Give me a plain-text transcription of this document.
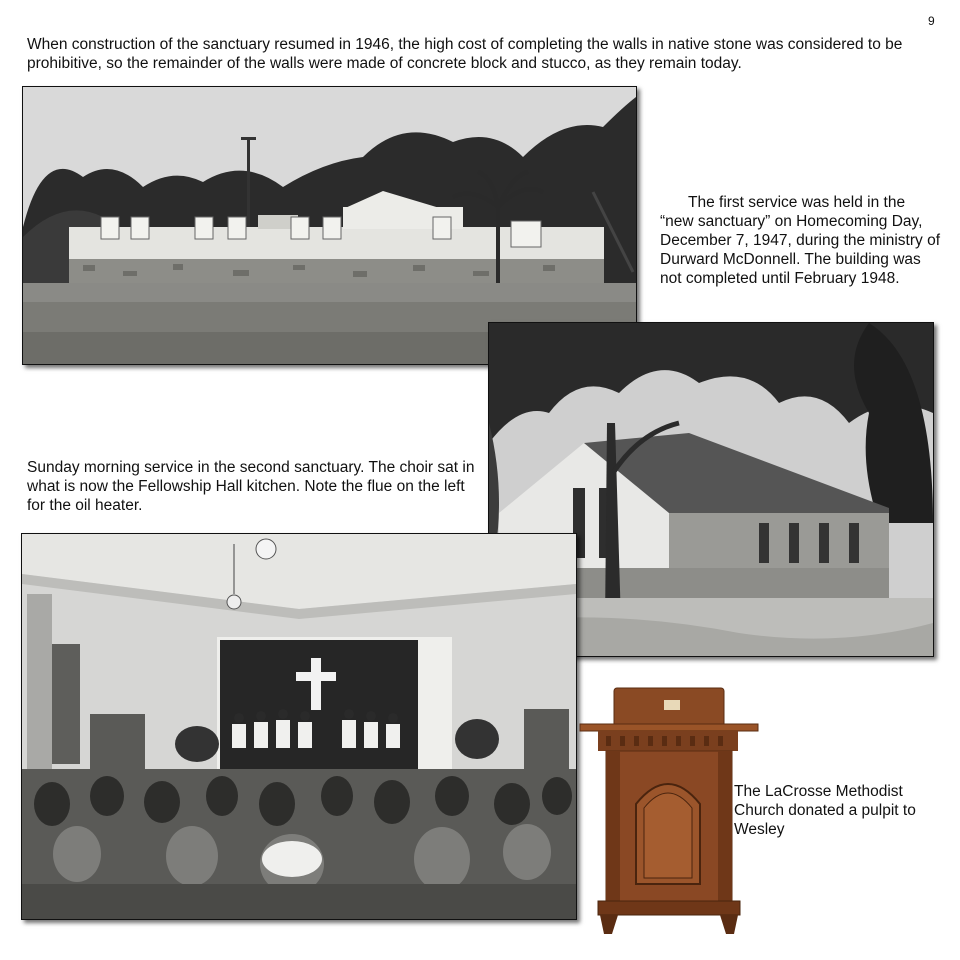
9

When construction of the sanctuary resumed in 1946, the high cost of completing the walls in native stone was considered to be prohibitive, so the remainder of the walls were made of concrete block and stucco, as they remain today.

The first service was held in the “new sanctuary” on Homecoming Day, December 7, 1947, during the ministry of Durward McDonnell. The building was not completed until February 1948.

Sunday morning service in the second sanctuary. The choir sat in what is now the Fellowship Hall kitchen. Note the flue on the left for the oil heater.

The LaCrosse Methodist Church donated a pulpit to Wesley
